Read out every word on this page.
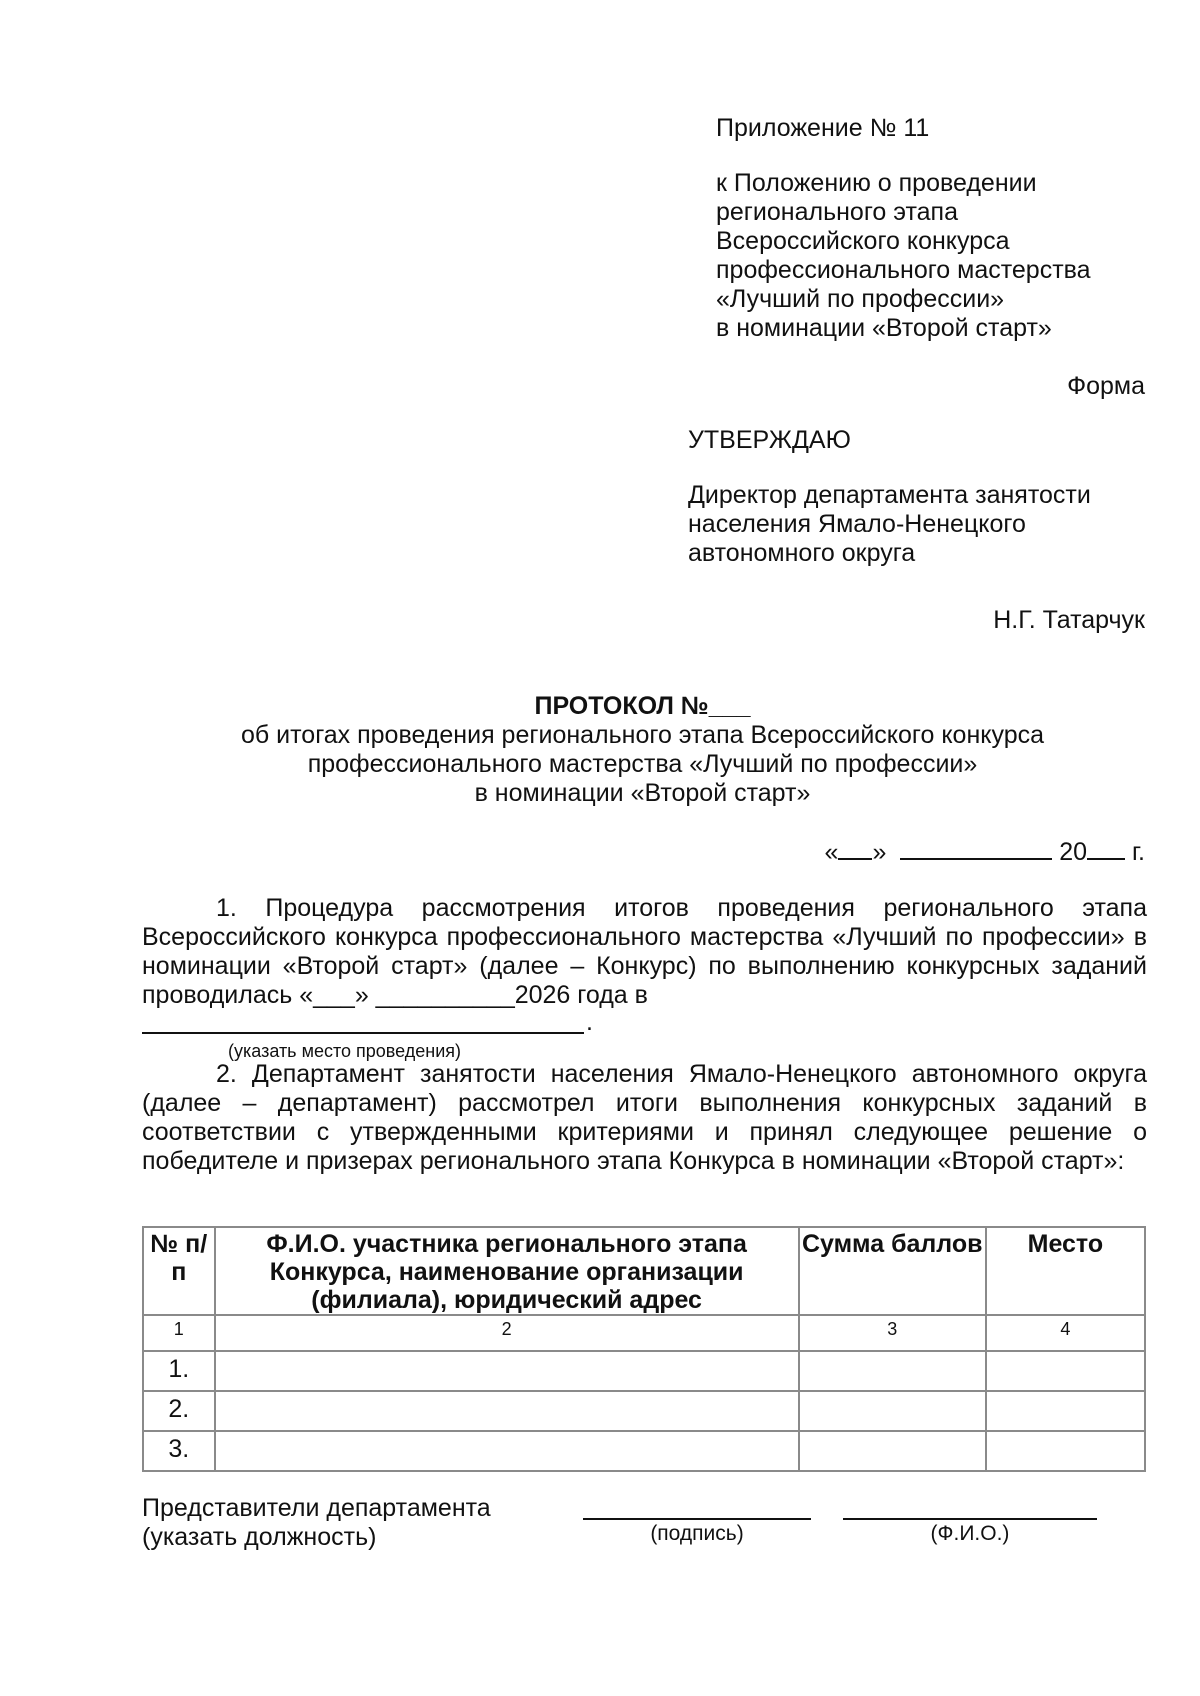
Приложение № 11

к Положению о проведении
регионального этапа
Всероссийского конкурса
профессионального мастерства
«Лучший по профессии»
в номинации «Второй старт»

Форма

УТВЕРЖДАЮ

Директор департамента занятости
населения Ямало-Ненецкого
автономного округа

Н.Г. Татарчук

ПРОТОКОЛ №___

об итогах проведения регионального этапа Всероссийского конкурса
профессионального мастерства «Лучший по профессии»
в номинации «Второй старт»

« »	20 г.
1. Процедура рассмотрения итогов проведения регионального этапа Всероссийского конкурса профессионального мастерства «Лучший по профессии» в номинации «Второй старт» (далее – Конкурс) по выполнению конкурсных заданий проводилась «___» __________2026 года в
.
(указать место проведения)
2. Департамент занятости населения Ямало-Ненецкого автономного округа (далее – департамент) рассмотрел итоги выполнения конкурсных заданий в соответствии с утвержденными критериями и принял следующее решение о победителе и призерах регионального этапа Конкурса в номинации «Второй старт»:
№ п/п	Ф.И.О. участника регионального этапа Конкурса, наименование организации (филиала), юридический адрес	Сумма баллов	Место
1	2	3	4
1.			
2.			
3.			
Представители департамента
(указать должность)	(подпись)	(Ф.И.О.)
